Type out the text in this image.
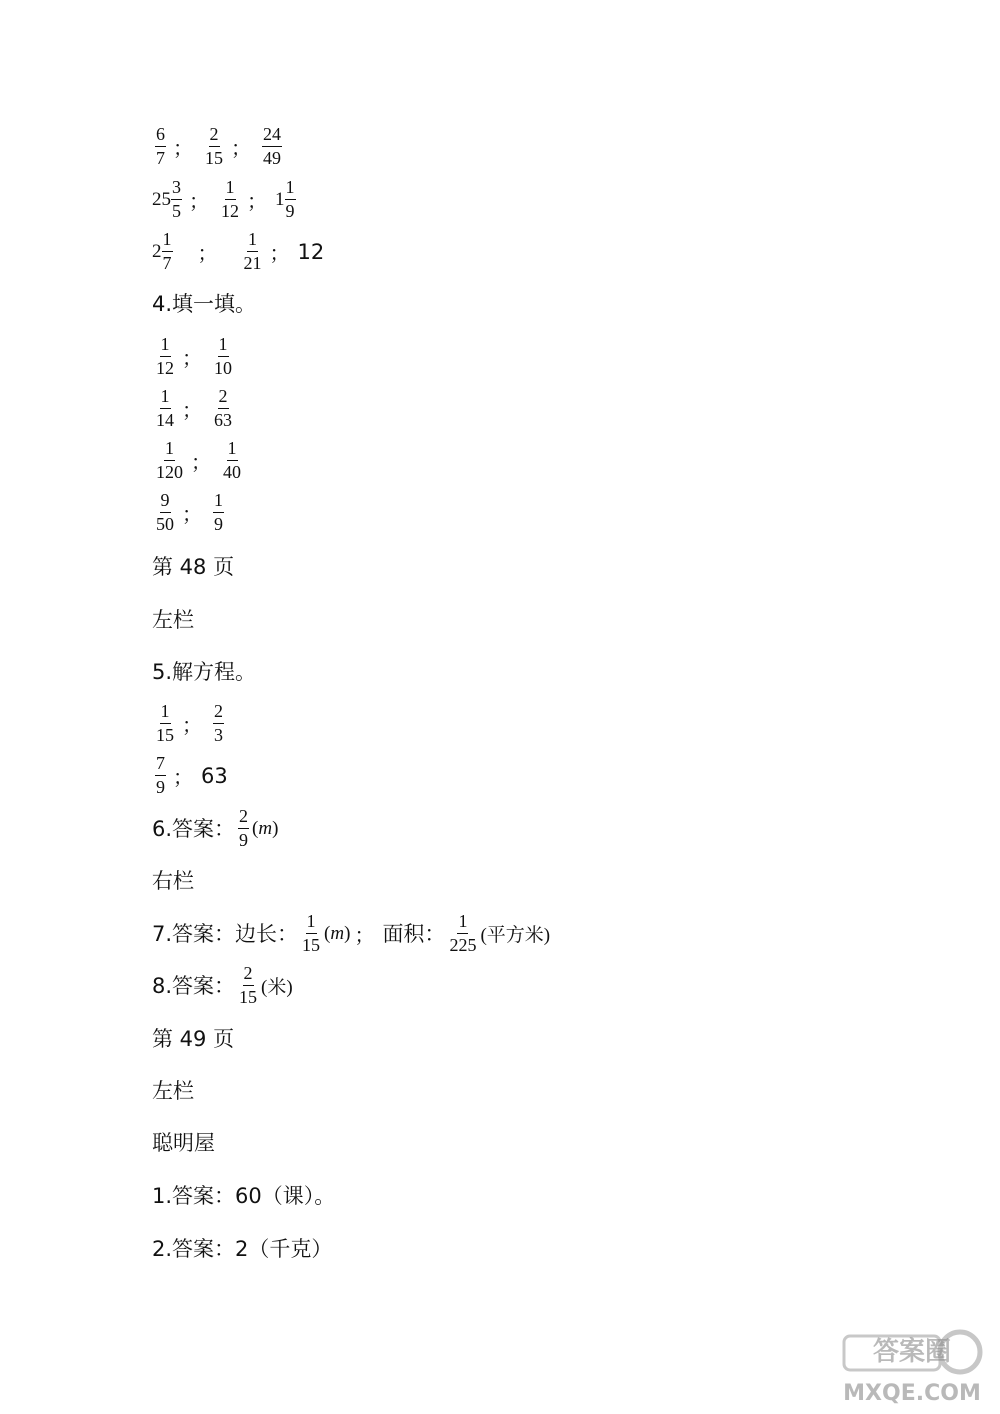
$\frac{6}{7}$ ； $\frac{2}{15}$ ； $\frac{24}{49}$
$25 \frac{3}{5}$ ； $\frac{1}{12}$ ； $1 \frac{1}{9}$
$2 \frac{1}{7}$ ； $\frac{1}{21}$ ； 12
4.填一填。
$\frac{1}{12}$ ； $\frac{1}{10}$
$\frac{1}{14}$ ； $\frac{2}{63}$
$\frac{1}{120}$ ； $\frac{1}{40}$
$\frac{9}{50}$ ； $\frac{1}{9}$
第 48 页
左栏
5.解方程。
$\frac{1}{15}$ ； $\frac{2}{3}$
$\frac{7}{9}$ ； 63
6.答案： $\frac{2}{9} (m)$
右栏
7.答案：边长： $\frac{1}{15} (m)$ ； 面积： $\frac{1}{225}$ (平方米)
8.答案： $\frac{2}{15}$ (米)
第 49 页
左栏
聪明屋
1.答案：60（课）。
2.答案：2（千克）
答案圈
MXQE.COM
